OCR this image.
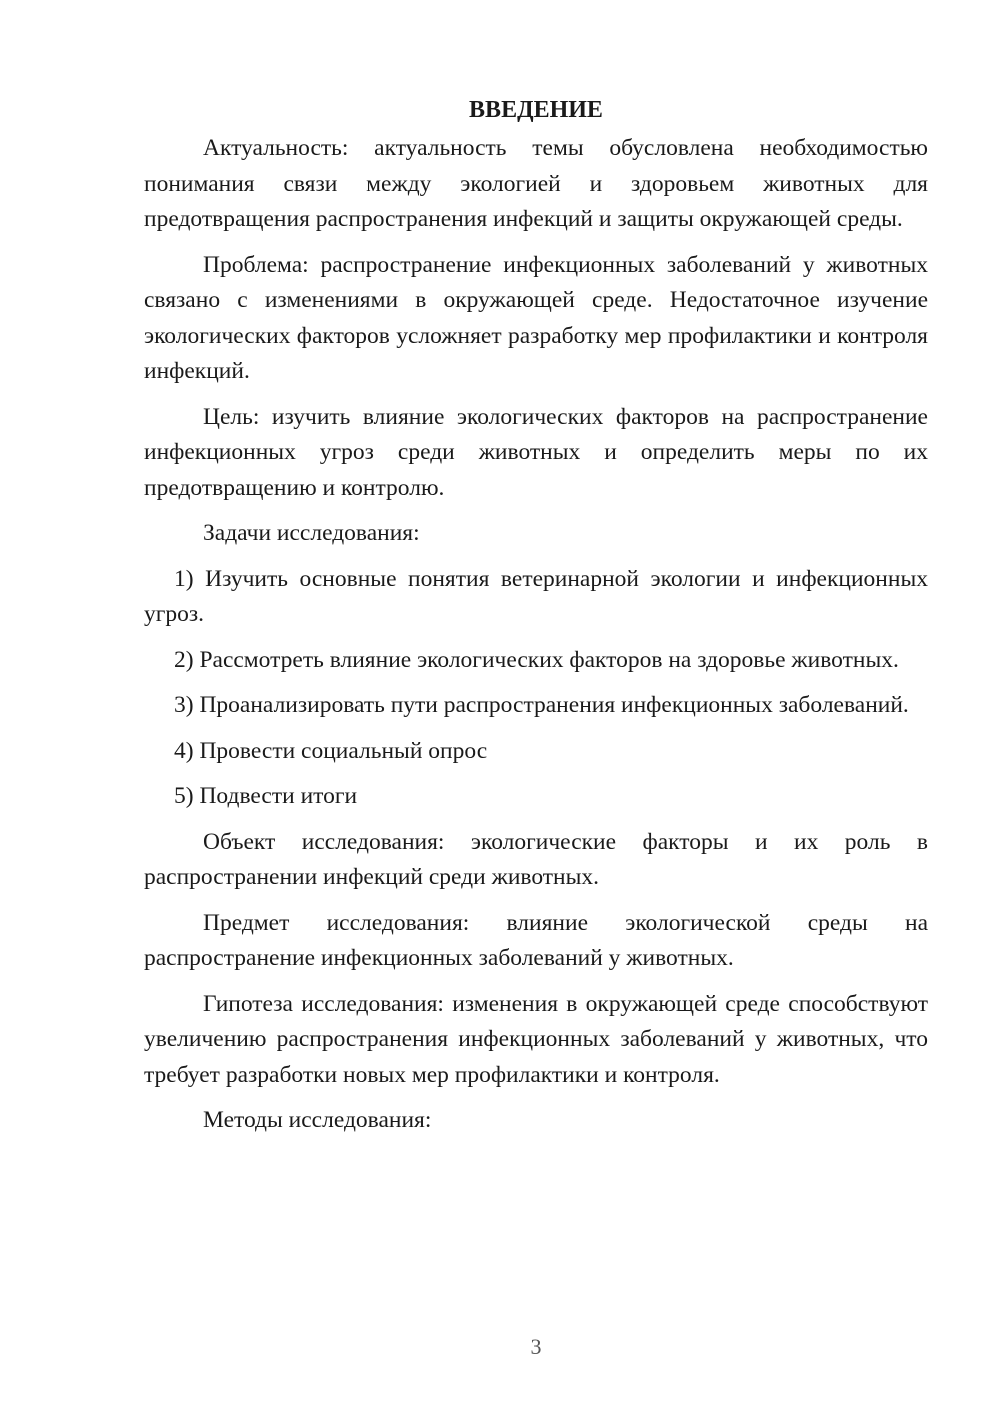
ВВЕДЕНИЕ

Актуальность: актуальность темы обусловлена необходимостью понимания связи между экологией и здоровьем животных для предотвращения распространения инфекций и защиты окружающей среды.

Проблема: распространение инфекционных заболеваний у животных связано с изменениями в окружающей среде. Недостаточное изучение экологических факторов усложняет разработку мер профилактики и контроля инфекций.

Цель: изучить влияние экологических факторов на распространение инфекционных угроз среди животных и определить меры по их предотвращению и контролю.

Задачи исследования:

1) Изучить основные понятия ветеринарной экологии и инфекционных угроз.

2) Рассмотреть влияние экологических факторов на здоровье животных.

3) Проанализировать пути распространения инфекционных заболеваний.

4) Провести социальный опрос

5) Подвести итоги

Объект исследования: экологические факторы и их роль в распространении инфекций среди животных.

Предмет исследования: влияние экологической среды на распространение инфекционных заболеваний у животных.

Гипотеза исследования: изменения в окружающей среде способствуют увеличению распространения инфекционных заболеваний у животных, что требует разработки новых мер профилактики и контроля.

Методы исследования:

3
